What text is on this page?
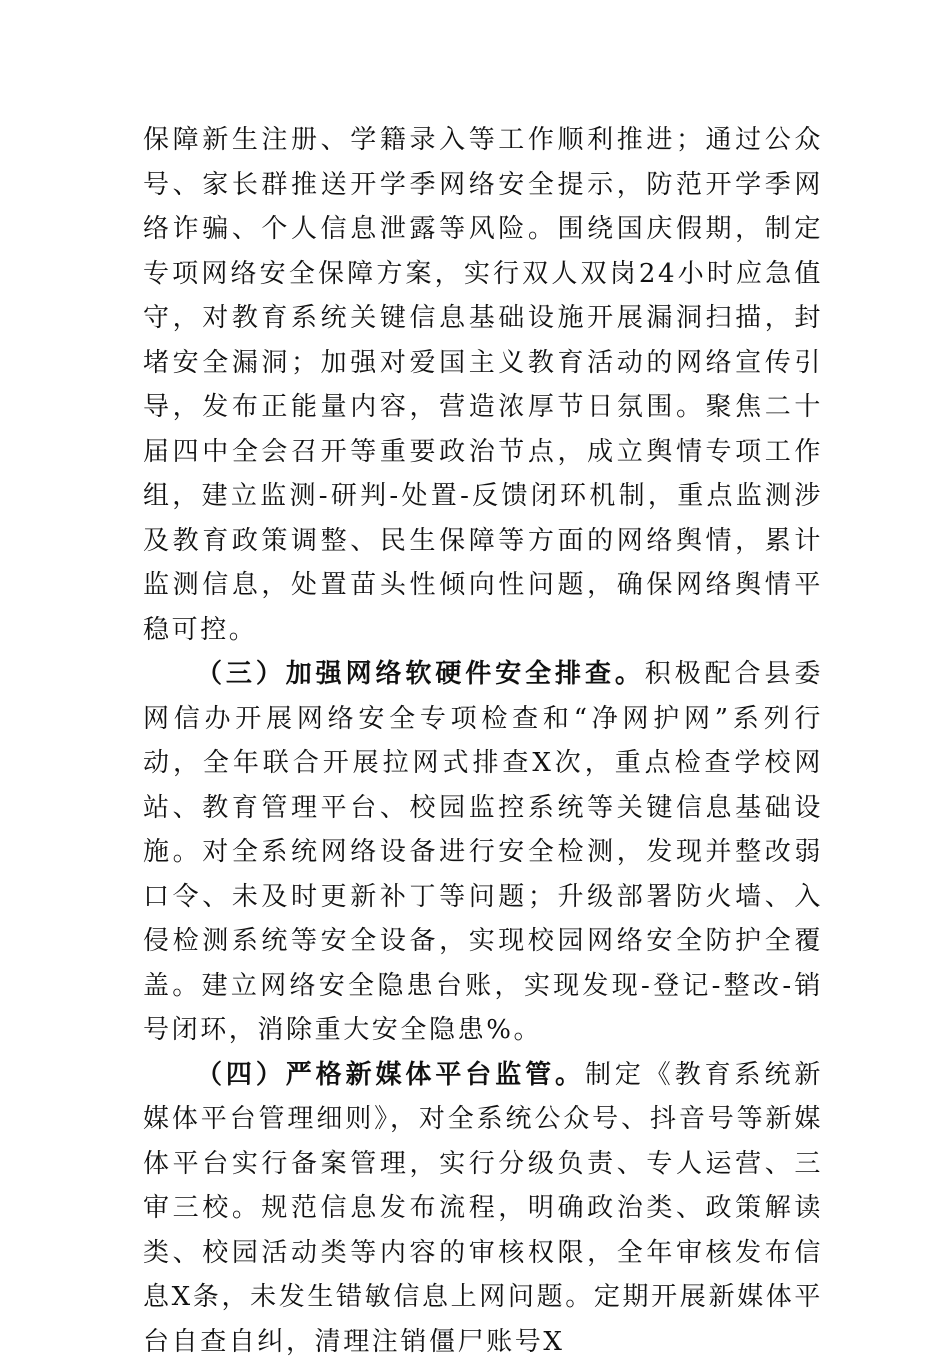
保障新生注册、学籍录入等工作顺利推进；通过公众号、家长群推送开学季网络安全提示，防范开学季网络诈骗、个人信息泄露等风险。围绕国庆假期，制定专项网络安全保障方案，实行双人双岗24小时应急值守，对教育系统关键信息基础设施开展漏洞扫描，封堵安全漏洞；加强对爱国主义教育活动的网络宣传引导，发布正能量内容，营造浓厚节日氛围。聚焦二十届四中全会召开等重要政治节点，成立舆情专项工作组，建立监测-研判-处置-反馈闭环机制，重点监测涉及教育政策调整、民生保障等方面的网络舆情，累计监测信息，处置苗头性倾向性问题，确保网络舆情平稳可控。

（三）加强网络软硬件安全排查。积极配合县委网信办开展网络安全专项检查和“净网护网”系列行动，全年联合开展拉网式排查X次，重点检查学校网站、教育管理平台、校园监控系统等关键信息基础设施。对全系统网络设备进行安全检测，发现并整改弱口令、未及时更新补丁等问题；升级部署防火墙、入侵检测系统等安全设备，实现校园网络安全防护全覆盖。建立网络安全隐患台账，实现发现-登记-整改-销号闭环，消除重大安全隐患%。

（四）严格新媒体平台监管。制定《教育系统新媒体平台管理细则》，对全系统公众号、抖音号等新媒体平台实行备案管理，实行分级负责、专人运营、三审三校。规范信息发布流程，明确政治类、政策解读类、校园活动类等内容的审核权限，全年审核发布信息X条，未发生错敏信息上网问题。定期开展新媒体平台自查自纠，清理注销僵尸账号X
